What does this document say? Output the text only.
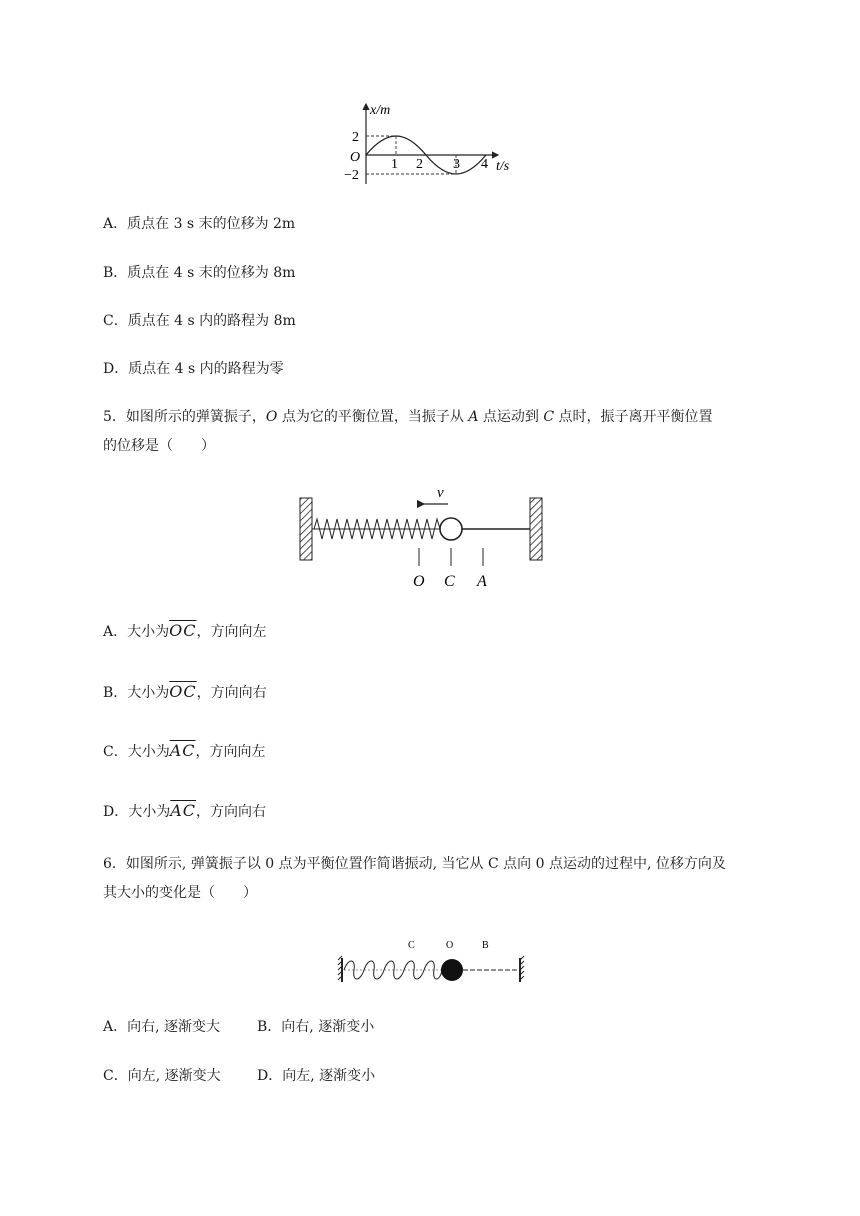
x/m
t/s
O
2
−2
1 2 3 4
A．质点在 3 s 末的位移为 2m
B．质点在 4 s 末的位移为 8m
C．质点在 4 s 内的路程为 8m
D．质点在 4 s 内的路程为零
5．如图所示的弹簧振子，O 点为它的平衡位置，当振子从 A 点运动到 C 点时，振子离开平衡位置
的位移是（　　）
v
O C A
A．大小为$\overline{OC}$，方向向左
B．大小为$\overline{OC}$，方向向右
C．大小为$\overline{AC}$，方向向左
D．大小为$\overline{AC}$，方向向右
6．如图所示, 弹簧振子以 0 点为平衡位置作简谐振动, 当它从 C 点向 0 点运动的过程中, 位移方向及
其大小的变化是（　　）
C	O	B
A．向右, 逐渐变大	B．向右, 逐渐变小
C．向左, 逐渐变大	D．向左, 逐渐变小
